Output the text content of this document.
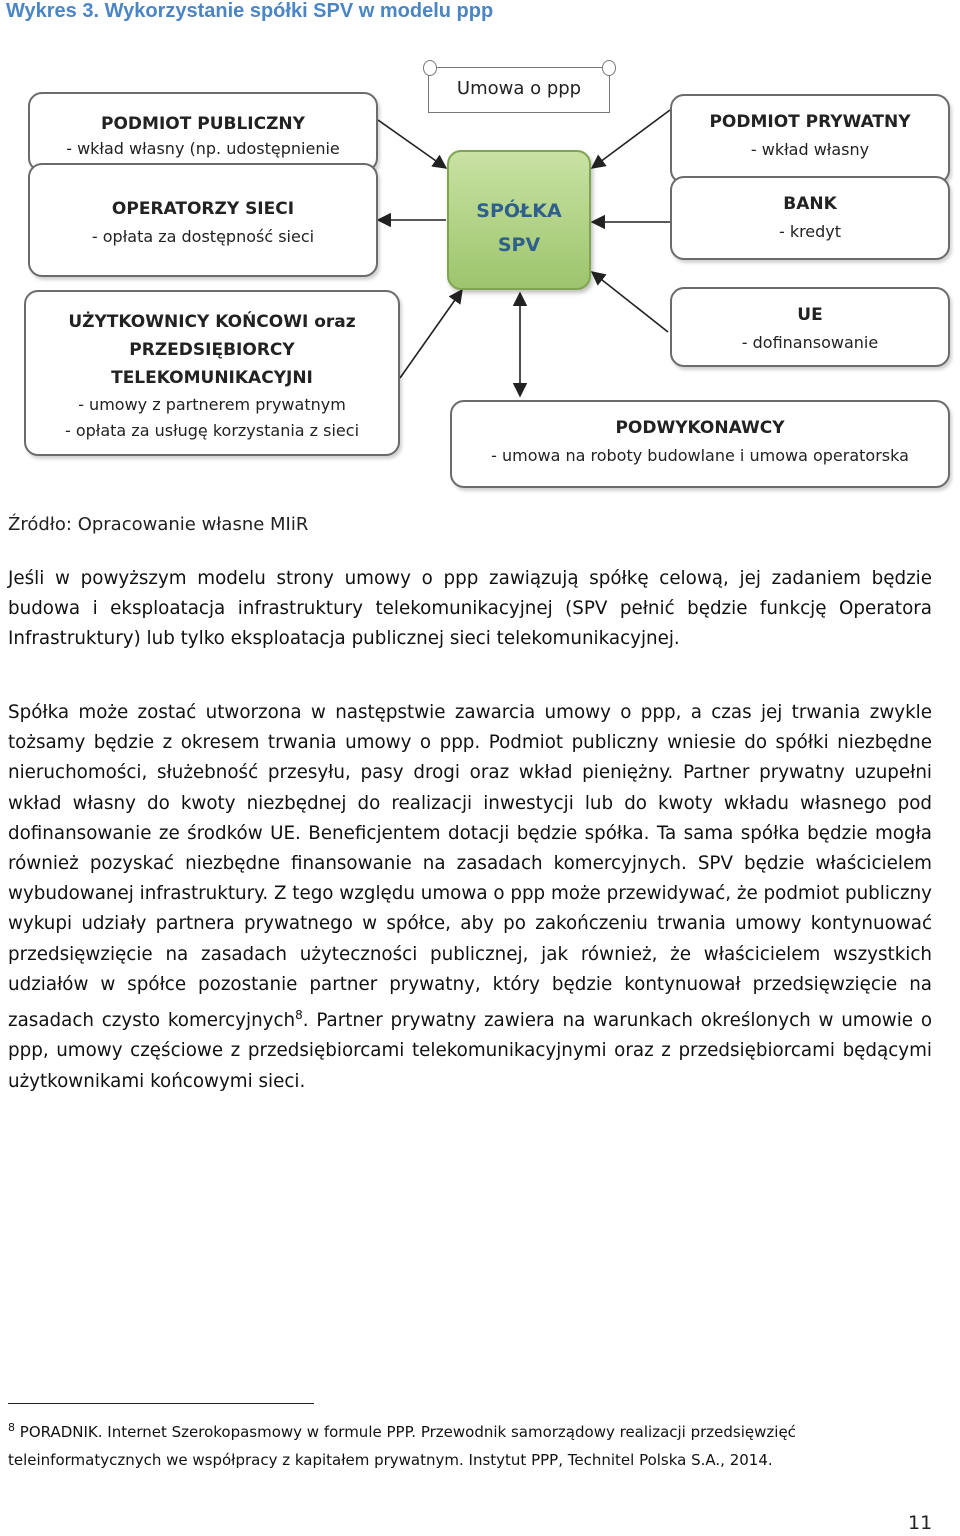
Wykres 3. Wykorzystanie spółki SPV w modelu ppp
Umowa o ppp
PODMIOT PUBLICZNY
- wkład własny (np. udostępnienie
OPERATORZY SIECI
- opłata za dostępność sieci
UŻYTKOWNICY KOŃCOWI oraz
PRZEDSIĘBIORCY
TELEKOMUNIKACYJNI
- umowy z partnerem prywatnym
- opłata za usługę korzystania z sieci
SPÓŁKA
SPV
PODMIOT PRYWATNY
- wkład własny
BANK
- kredyt
UE
- dofinansowanie
PODWYKONAWCY
- umowa na roboty budowlane i umowa operatorska
Źródło: Opracowanie własne MIiR
Jeśli w powyższym modelu strony umowy o ppp zawiązują spółkę celową, jej zadaniem będzie budowa i eksploatacja infrastruktury telekomunikacyjnej (SPV pełnić będzie funkcję Operatora Infrastruktury) lub tylko eksploatacja publicznej sieci telekomunikacyjnej.
Spółka może zostać utworzona w następstwie zawarcia umowy o ppp, a czas jej trwania zwykle tożsamy będzie z okresem trwania umowy o ppp. Podmiot publiczny wniesie do spółki niezbędne nieruchomości, służebność przesyłu, pasy drogi oraz wkład pieniężny. Partner prywatny uzupełni wkład własny do kwoty niezbędnej do realizacji inwestycji lub do kwoty wkładu własnego pod dofinansowanie ze środków UE. Beneficjentem dotacji będzie spółka. Ta sama spółka będzie mogła również pozyskać niezbędne finansowanie na zasadach komercyjnych. SPV będzie właścicielem wybudowanej infrastruktury. Z tego względu umowa o ppp może przewidywać, że podmiot publiczny wykupi udziały partnera prywatnego w spółce, aby po zakończeniu trwania umowy kontynuować przedsięwzięcie na zasadach użyteczności publicznej, jak również, że właścicielem wszystkich udziałów w spółce pozostanie partner prywatny, który będzie kontynuował przedsięwzięcie na zasadach czysto komercyjnych$^8$. Partner prywatny zawiera na warunkach określonych w umowie o ppp, umowy częściowe z przedsiębiorcami telekomunikacyjnymi oraz z przedsiębiorcami będącymi użytkownikami końcowymi sieci.
$^8$ PORADNIK. Internet Szerokopasmowy w formule PPP. Przewodnik samorządowy realizacji przedsięwzięć teleinformatycznych we współpracy z kapitałem prywatnym. Instytut PPP, Technitel Polska S.A., 2014.
11
